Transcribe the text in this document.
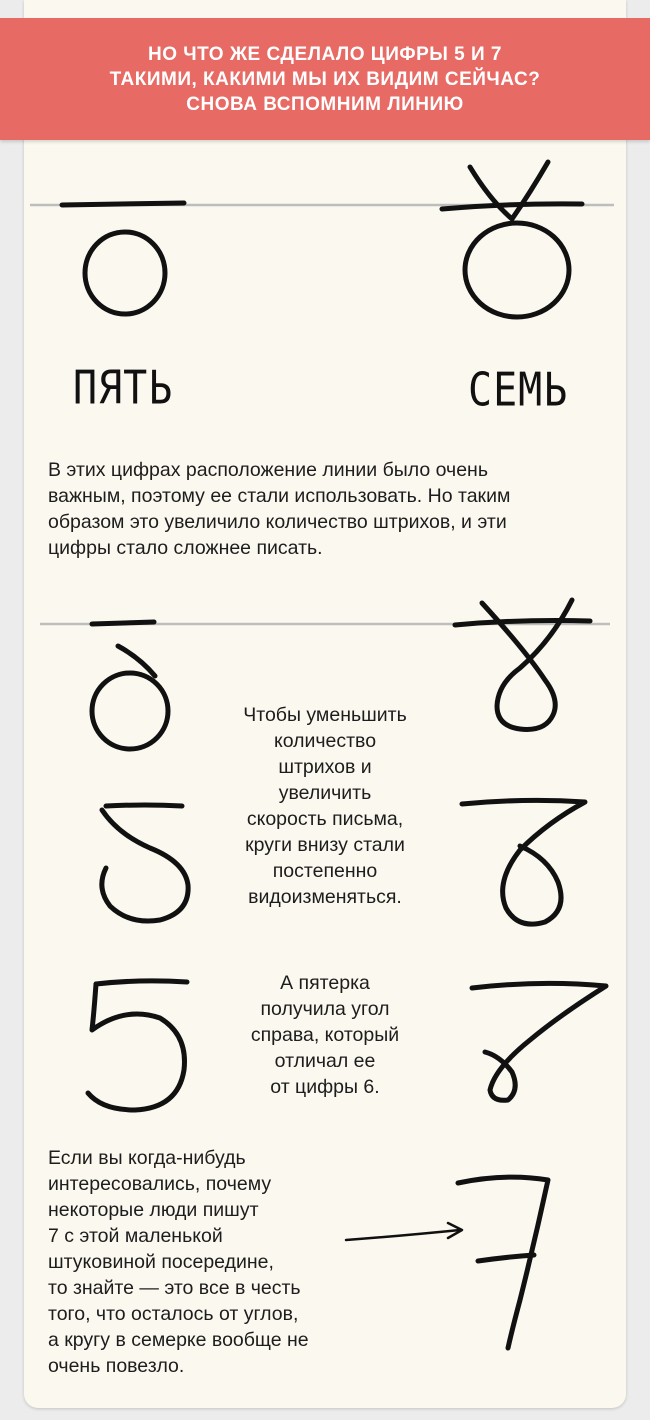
НО ЧТО ЖЕ СДЕЛАЛО ЦИФРЫ 5 И 7
ТАКИМИ, КАКИМИ МЫ ИХ ВИДИМ СЕЙЧАС?
СНОВА ВСПОМНИМ ЛИНИЮ
ПЯТЬ	СЕМЬ
В этих цифрах расположение линии было очень
важным, поэтому ее стали использовать. Но таким
образом это увеличило количество штрихов, и эти
цифры стало сложнее писать.
Чтобы уменьшить
количество
штрихов и
увеличить
скорость письма,
круги внизу стали
постепенно
видоизменяться.
А пятерка
получила угол
справа, который
отличал ее
от цифры 6.
Если вы когда-нибудь
интересовались, почему
некоторые люди пишут
7 с этой маленькой
штуковиной посередине,
то знайте — это все в честь
того, что осталось от углов,
а кругу в семерке вообще не
очень повезло.
